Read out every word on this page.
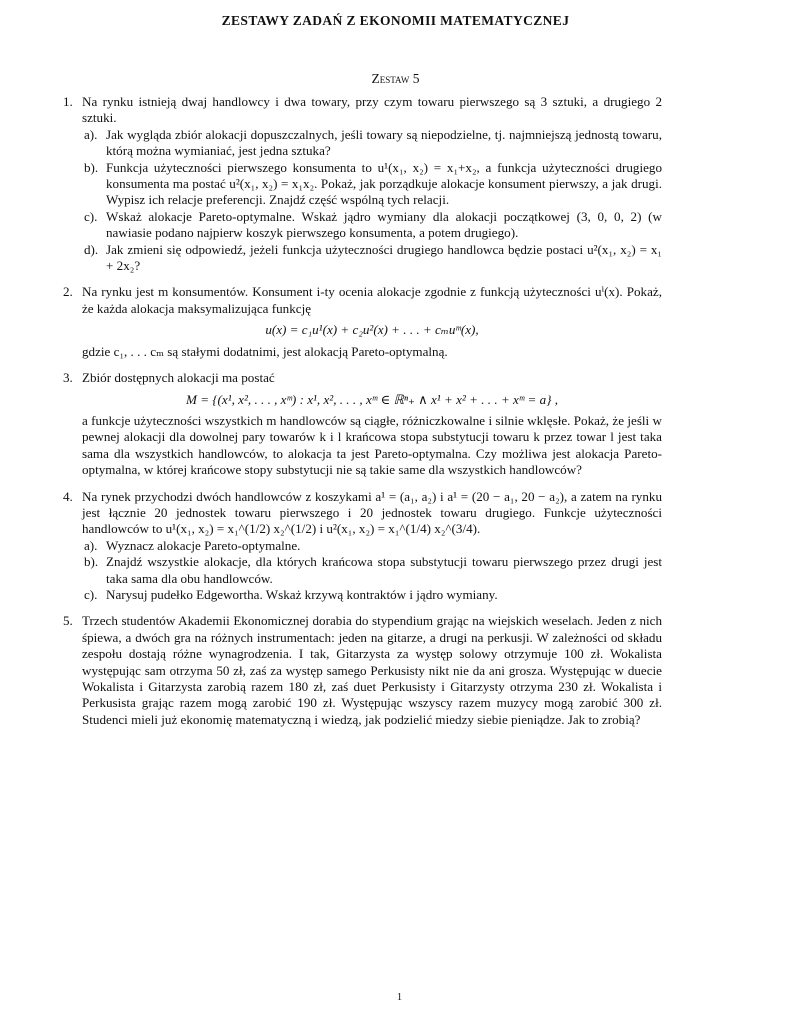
ZESTAWY ZADAŃ Z EKONOMII MATEMATYCZNEJ
Zestaw 5
1. Na rynku istnieją dwaj handlowcy i dwa towary, przy czym towaru pierwszego są 3 sztuki, a drugiego 2 sztuki.
a). Jak wygląda zbiór alokacji dopuszczalnych, jeśli towary są niepodzielne, tj. najmniejszą jednostą towaru, którą można wymianiać, jest jedna sztuka?
b). Funkcja użyteczności pierwszego konsumenta to u¹(x₁, x₂) = x₁+x₂, a funkcja użyteczności drugiego konsumenta ma postać u²(x₁, x₂) = x₁x₂. Pokaż, jak porządkuje alokacje konsument pierwszy, a jak drugi. Wypisz ich relacje preferencji. Znajdź część wspólną tych relacji.
c). Wskaż alokacje Pareto-optymalne. Wskaż jądro wymiany dla alokacji początkowej (3, 0, 0, 2) (w nawiasie podano najpierw koszyk pierwszego konsumenta, a potem drugiego).
d). Jak zmieni się odpowiedź, jeżeli funkcja użyteczności drugiego handlowca będzie postaci u²(x₁, x₂) = x₁ + 2x₂?
2. Na rynku jest m konsumentów. Konsument i-ty ocenia alokacje zgodnie z funkcją użyteczności uⁱ(x). Pokaż, że każda alokacja maksymalizująca funkcję
u(x) = c₁u¹(x) + c₂u²(x) + . . . + cₘuᵐ(x),
gdzie c₁, . . . cₘ są stałymi dodatnimi, jest alokacją Pareto-optymalną.
3. Zbiór dostępnych alokacji ma postać
M = {(x¹, x², . . . , xᵐ) : x¹, x², . . . , xᵐ ∈ ℝⁿ₊ ∧ x¹ + x² + . . . + xᵐ = a} ,
a funkcje użyteczności wszystkich m handlowców są ciągłe, różniczkowalne i silnie wklęsłe. Pokaż, że jeśli w pewnej alokacji dla dowolnej pary towarów k i l krańcowa stopa substytucji towaru k przez towar l jest taka sama dla wszystkich handlowców, to alokacja ta jest Pareto-optymalna. Czy możliwa jest alokacja Pareto-optymalna, w której krańcowe stopy substytucji nie są takie same dla wszystkich handlowców?
4. Na rynek przychodzi dwóch handlowców z koszykami a¹ = (a₁, a₂) i a¹ = (20 − a₁, 20 − a₂), a zatem na rynku jest łącznie 20 jednostek towaru pierwszego i 20 jednostek towaru drugiego. Funkcje użyteczności handlowców to u¹(x₁, x₂) = x₁^(1/2) x₂^(1/2) i u²(x₁, x₂) = x₁^(1/4) x₂^(3/4).
a). Wyznacz alokacje Pareto-optymalne.
b). Znajdź wszystkie alokacje, dla których krańcowa stopa substytucji towaru pierwszego przez drugi jest taka sama dla obu handlowców.
c). Narysuj pudełko Edgewortha. Wskaż krzywą kontraktów i jądro wymiany.
5. Trzech studentów Akademii Ekonomicznej dorabia do stypendium grając na wiejskich weselach. Jeden z nich śpiewa, a dwóch gra na różnych instrumentach: jeden na gitarze, a drugi na perkusji. W zależności od składu zespołu dostają różne wynagrodzenia. I tak, Gitarzysta za występ solowy otrzymuje 100 zł. Wokalista występując sam otrzyma 50 zł, zaś za występ samego Perkusisty nikt nie da ani grosza. Występując w duecie Wokalista i Gitarzysta zarobią razem 180 zł, zaś duet Perkusisty i Gitarzysty otrzyma 230 zł. Wokalista i Perkusista grając razem mogą zarobić 190 zł. Występując wszyscy razem muzycy mogą zarobić 300 zł. Studenci mieli już ekonomię matematyczną i wiedzą, jak podzielić miedzy siebie pieniądze. Jak to zrobią?
1
